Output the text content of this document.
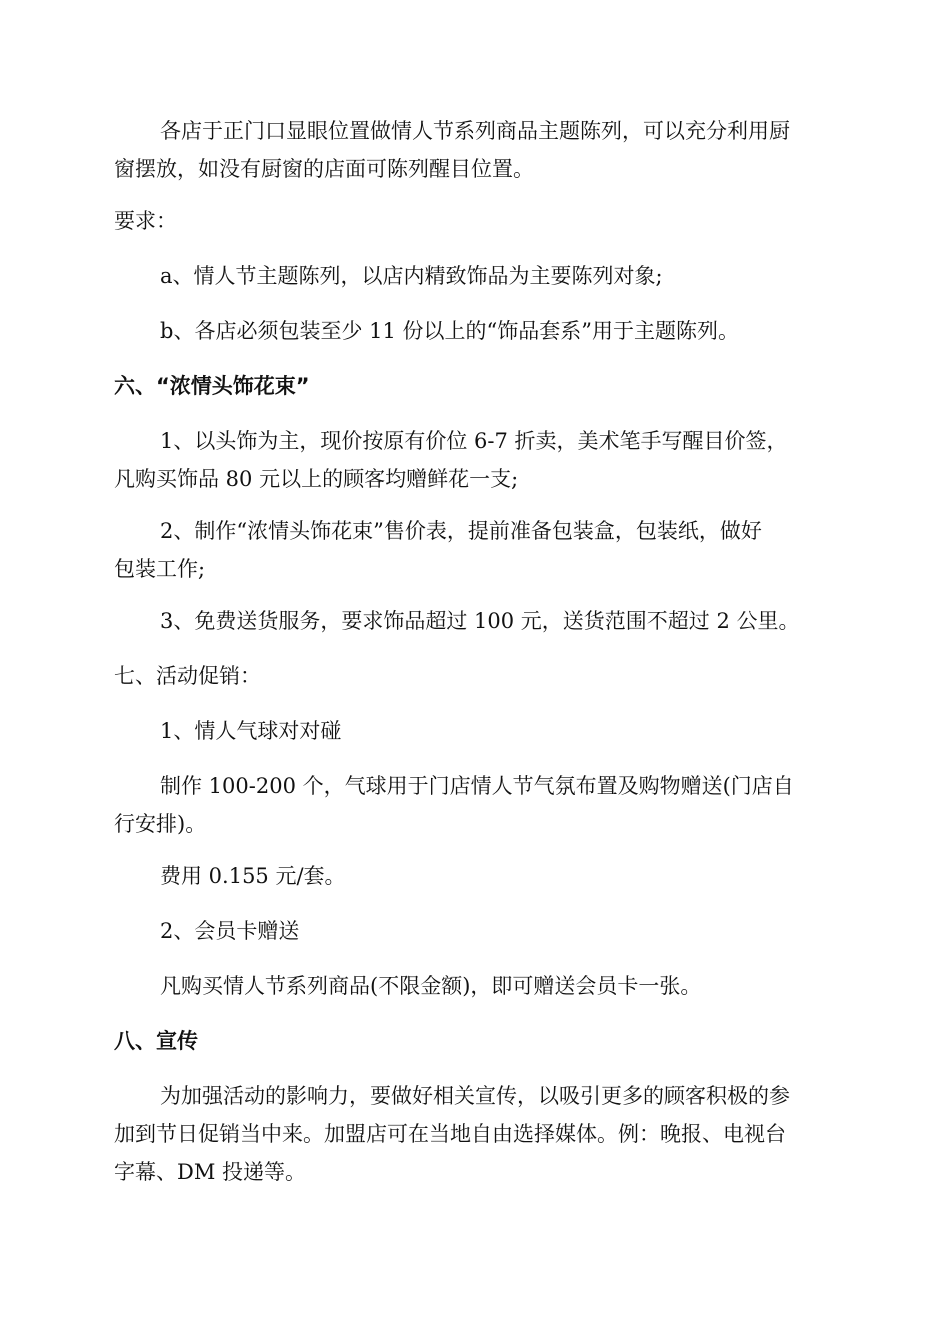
各店于正门口显眼位置做情人节系列商品主题陈列，可以充分利用厨
窗摆放，如没有厨窗的店面可陈列醒目位置。
要求：
a、情人节主题陈列，以店内精致饰品为主要陈列对象;
b、各店必须包装至少 11 份以上的“饰品套系”用于主题陈列。
六、“浓情头饰花束”
1、以头饰为主，现价按原有价位 6-7 折卖，美术笔手写醒目价签，
凡购买饰品 80 元以上的顾客均赠鲜花一支;
2、制作“浓情头饰花束”售价表，提前准备包装盒，包装纸，做好
包装工作;
3、免费送货服务，要求饰品超过 100 元，送货范围不超过 2 公里。
七、活动促销：
1、情人气球对对碰
制作 100-200 个，气球用于门店情人节气氛布置及购物赠送(门店自
行安排)。
费用 0.155 元/套。
2、会员卡赠送
凡购买情人节系列商品(不限金额)，即可赠送会员卡一张。
八、宣传
为加强活动的影响力，要做好相关宣传，以吸引更多的顾客积极的参
加到节日促销当中来。加盟店可在当地自由选择媒体。例：晚报、电视台
字幕、DM 投递等。
